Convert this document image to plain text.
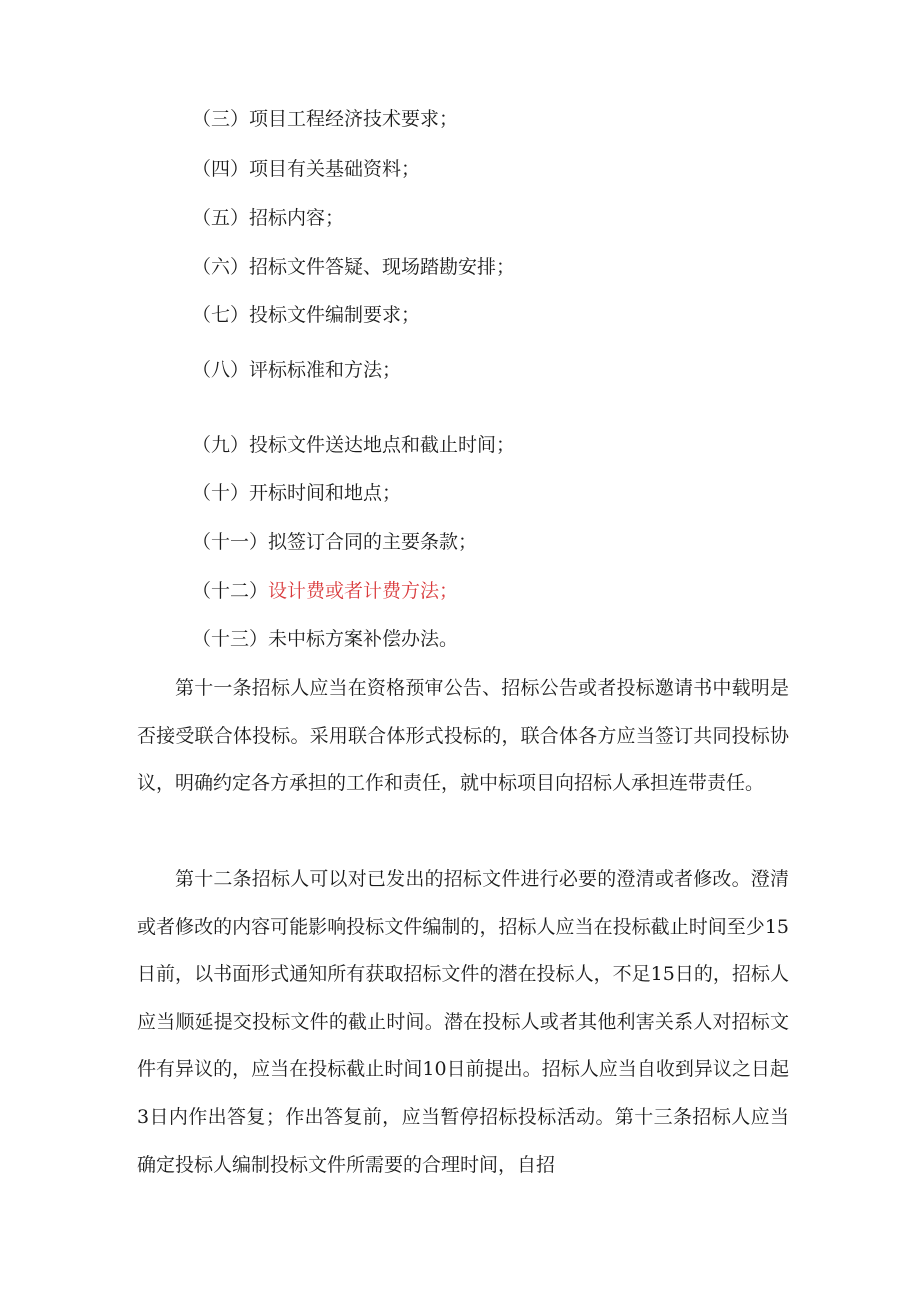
（三）项目工程经济技术要求；
（四）项目有关基础资料；
（五）招标内容；
（六）招标文件答疑、现场踏勘安排；
（七）投标文件编制要求；
（八）评标标准和方法；
（九）投标文件送达地点和截止时间；
（十）开标时间和地点；
（十一）拟签订合同的主要条款；
（十二）设计费或者计费方法；
（十三）未中标方案补偿办法。
第十一条招标人应当在资格预审公告、招标公告或者投标邀请书中载明是否接受联合体投标。采用联合体形式投标的，联合体各方应当签订共同投标协议，明确约定各方承担的工作和责任，就中标项目向招标人承担连带责任。
第十二条招标人可以对已发出的招标文件进行必要的澄清或者修改。澄清或者修改的内容可能影响投标文件编制的，招标人应当在投标截止时间至少15日前，以书面形式通知所有获取招标文件的潜在投标人，不足15日的，招标人应当顺延提交投标文件的截止时间。潜在投标人或者其他利害关系人对招标文件有异议的，应当在投标截止时间10日前提出。招标人应当自收到异议之日起3日内作出答复；作出答复前，应当暂停招标投标活动。第十三条招标人应当确定投标人编制投标文件所需要的合理时间，自招
